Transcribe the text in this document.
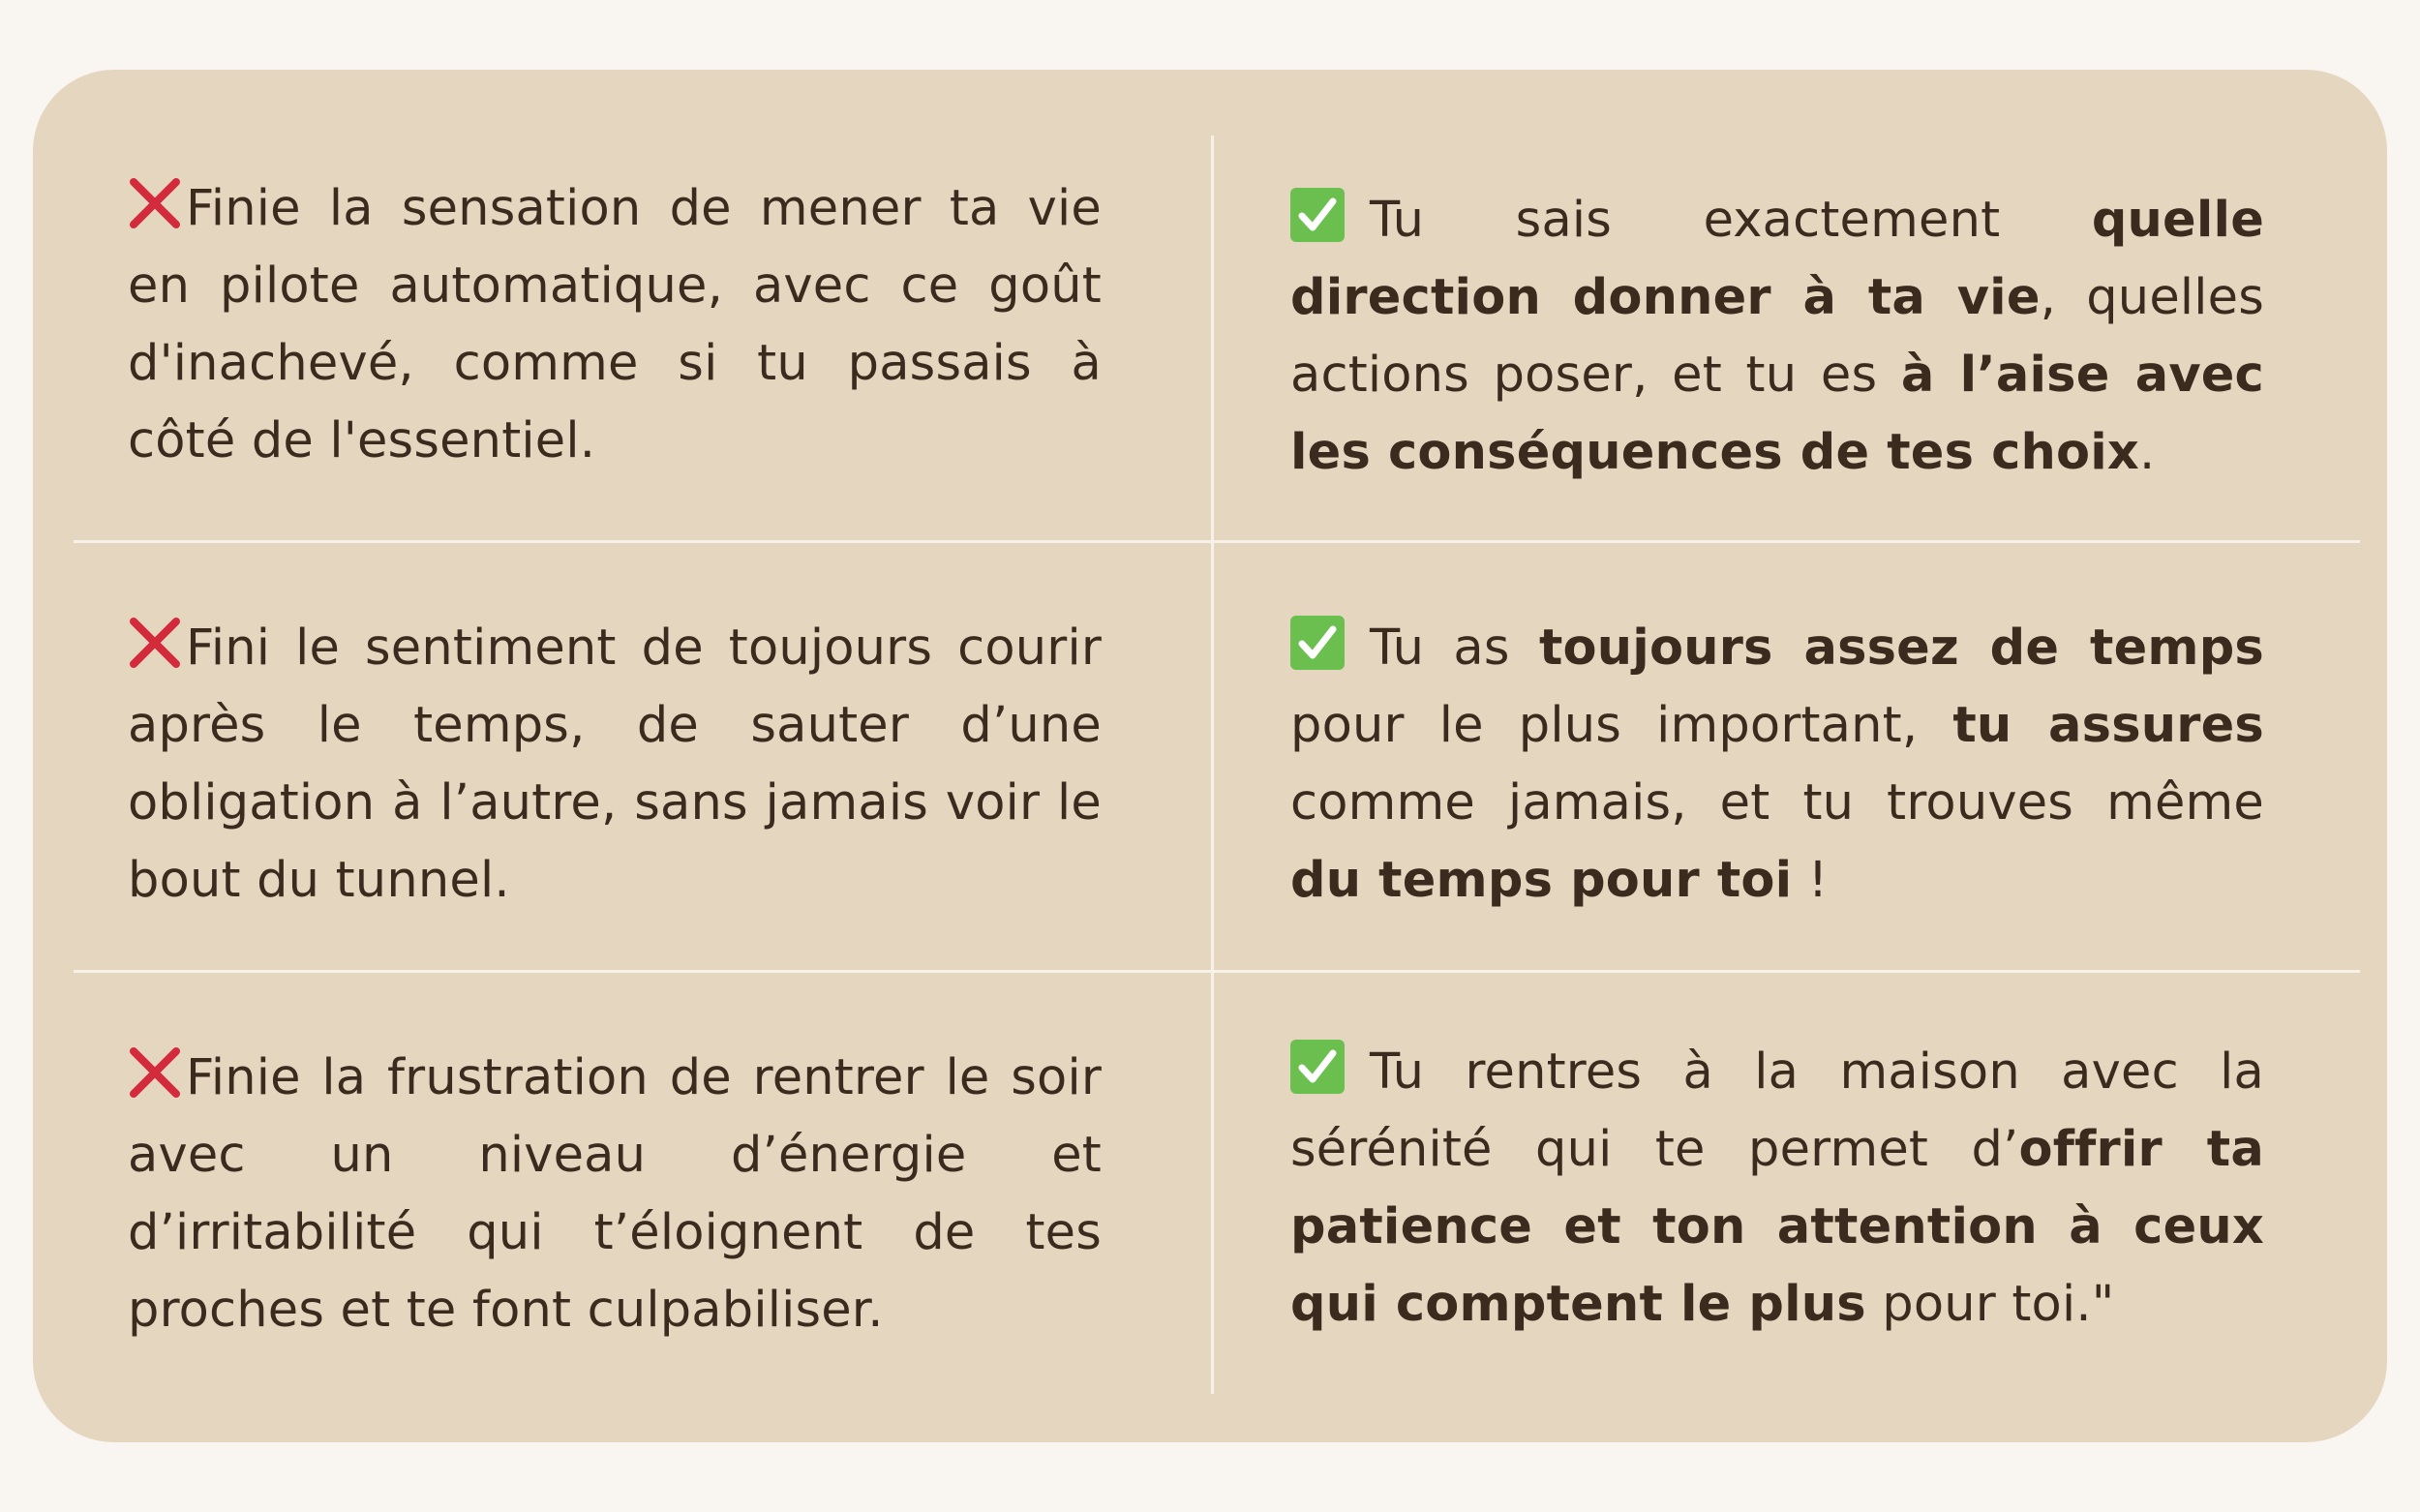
Finie la sensation de mener ta vie en pilote automatique, avec ce goût d'inachevé, comme si tu passais à côté de l'essentiel.
Tu sais exactement quelle direction donner à ta vie, quelles actions poser, et tu es à l’aise avec les conséquences de tes choix.
Fini le sentiment de toujours courir après le temps, de sauter d’une obligation à l’autre, sans jamais voir le bout du tunnel.
Tu as toujours assez de temps pour le plus important, tu assures comme jamais, et tu trouves même du temps pour toi !
Finie la frustration de rentrer le soir avec un niveau d’énergie et d’irritabilité qui t’éloignent de tes proches et te font culpabiliser.
Tu rentres à la maison avec la sérénité qui te permet d’offrir ta patience et ton attention à ceux qui comptent le plus pour toi."
